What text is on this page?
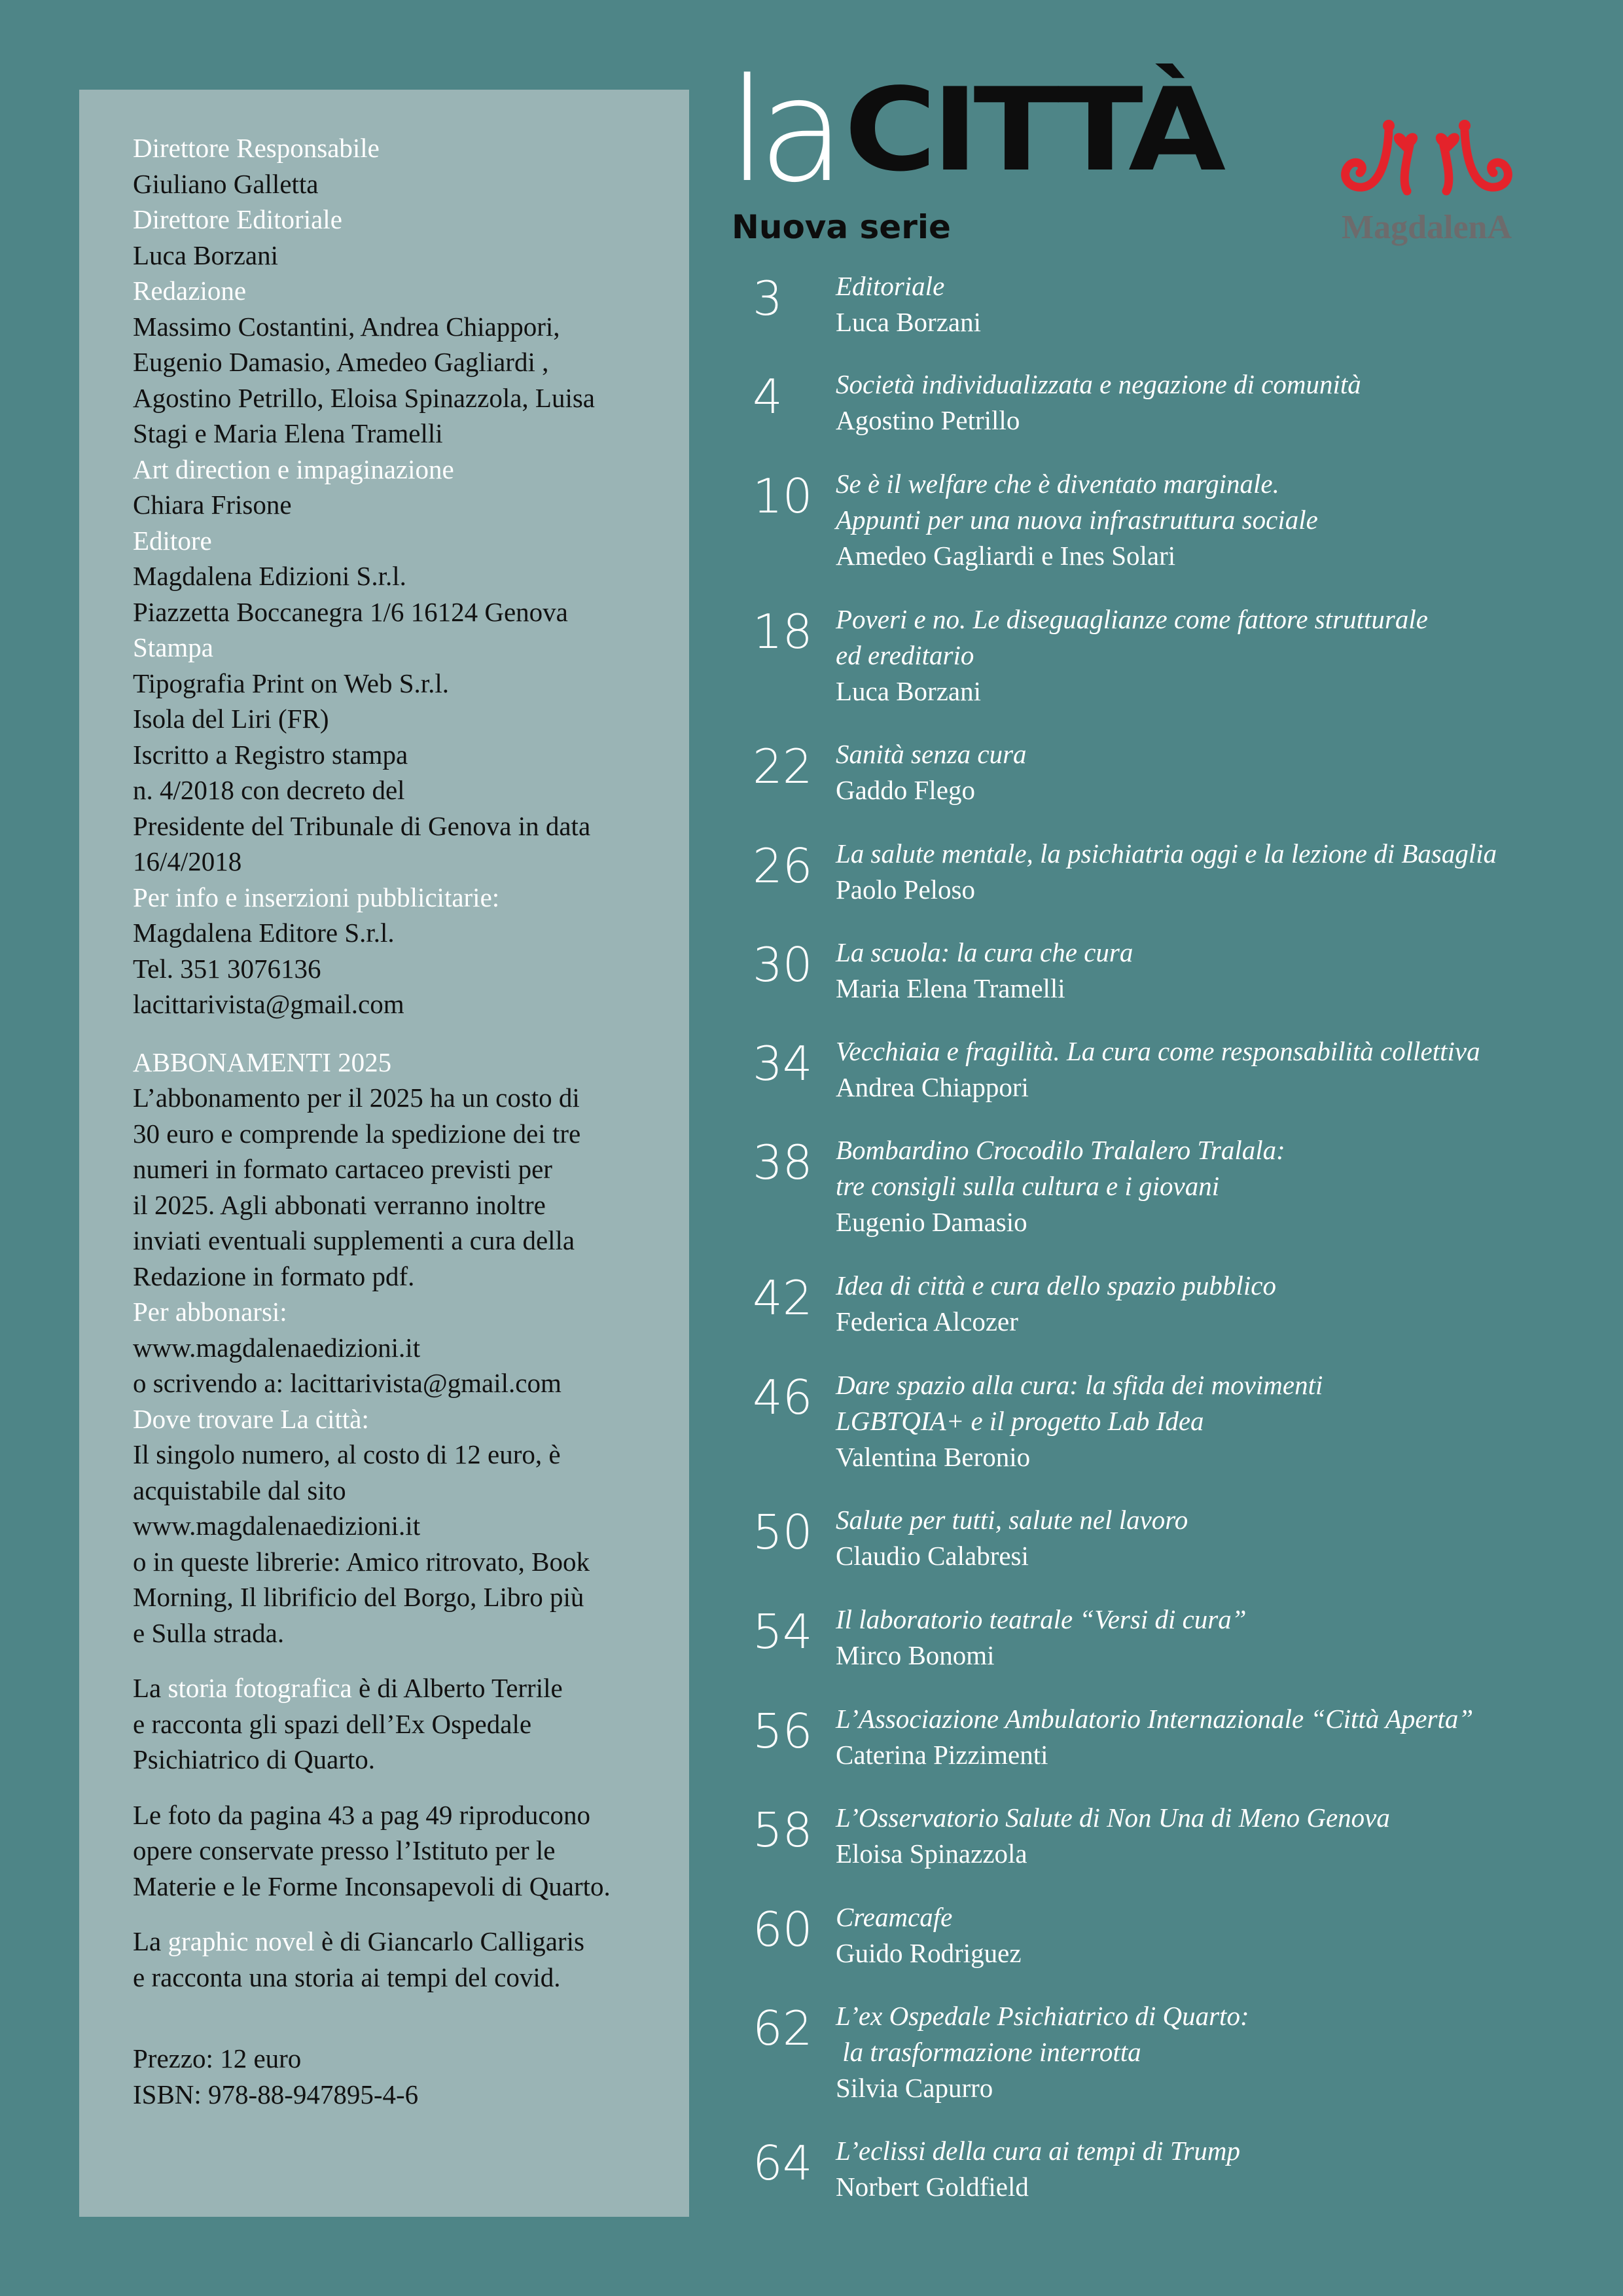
Direttore Responsabile
Giuliano Galletta
Direttore Editoriale
Luca Borzani
Redazione
Massimo Costantini, Andrea Chiappori,
Eugenio Damasio, Amedeo Gagliardi ,
Agostino Petrillo, Eloisa Spinazzola, Luisa
Stagi e Maria Elena Tramelli
Art direction e impaginazione
Chiara Frisone
Editore
Magdalena Edizioni S.r.l.
Piazzetta Boccanegra 1/6 16124 Genova
Stampa
Tipografia Print on Web S.r.l.
Isola del Liri (FR)
Iscritto a Registro stampa
n. 4/2018 con decreto del
Presidente del Tribunale di Genova in data
16/4/2018
Per info e inserzioni pubblicitarie:
Magdalena Editore S.r.l.
Tel. 351 3076136
lacittarivista@gmail.com
ABBONAMENTI 2025
L’abbonamento per il 2025 ha un costo di
30 euro e comprende la spedizione dei tre
numeri in formato cartaceo previsti per
il 2025. Agli abbonati verranno inoltre
inviati eventuali supplementi a cura della
Redazione in formato pdf.
Per abbonarsi:
www.magdalenaedizioni.it
o scrivendo a: lacittarivista@gmail.com
Dove trovare La città:
Il singolo numero, al costo di 12 euro, è
acquistabile dal sito
www.magdalenaedizioni.it
o in queste librerie: Amico ritrovato, Book
Morning, Il librificio del Borgo, Libro più
e Sulla strada.
La storia fotografica è di Alberto Terrile
e racconta gli spazi dell’Ex Ospedale
Psichiatrico di Quarto.
Le foto da pagina 43 a pag 49 riproducono
opere conservate presso l’Istituto per le
Materie e le Forme Inconsapevoli di Quarto.
La graphic novel è di Giancarlo Calligaris
e racconta una storia ai tempi del covid.
Prezzo: 12 euro
ISBN: 978-88-947895-4-6
la CITTÀ
Nuova serie	MagdalenA
3 Editoriale
Luca Borzani
4 Società individualizzata e negazione di comunità
Agostino Petrillo
10 Se è il welfare che è diventato marginale.
Appunti per una nuova infrastruttura sociale
Amedeo Gagliardi e Ines Solari
18 Poveri e no. Le diseguaglianze come fattore strutturale
ed ereditario
Luca Borzani
22 Sanità senza cura
Gaddo Flego
26 La salute mentale, la psichiatria oggi e la lezione di Basaglia
Paolo Peloso
30 La scuola: la cura che cura
Maria Elena Tramelli
34 Vecchiaia e fragilità. La cura come responsabilità collettiva
Andrea Chiappori
38 Bombardino Crocodilo Tralalero Tralala:
tre consigli sulla cultura e i giovani
Eugenio Damasio
42 Idea di città e cura dello spazio pubblico
Federica Alcozer
46 Dare spazio alla cura: la sfida dei movimenti
LGBTQIA+ e il progetto Lab Idea
Valentina Beronio
50 Salute per tutti, salute nel lavoro
Claudio Calabresi
54 Il laboratorio teatrale “Versi di cura”
Mirco Bonomi
56 L’Associazione Ambulatorio Internazionale “Città Aperta”
Caterina Pizzimenti
58 L’Osservatorio Salute di Non Una di Meno Genova
Eloisa Spinazzola
60 Creamcafe
Guido Rodriguez
62 L’ex Ospedale Psichiatrico di Quarto:
la trasformazione interrotta
Silvia Capurro
64 L’eclissi della cura ai tempi di Trump
Norbert Goldfield
